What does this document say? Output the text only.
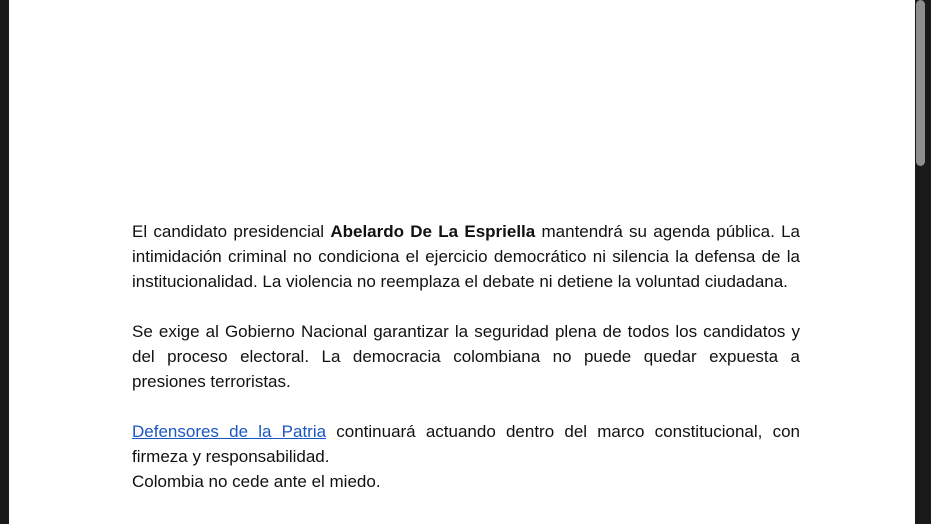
El candidato presidencial Abelardo De La Espriella mantendrá su agenda pública. La intimidación criminal no condiciona el ejercicio democrático ni silencia la defensa de la institucionalidad. La violencia no reemplaza el debate ni detiene la voluntad ciudadana.

Se exige al Gobierno Nacional garantizar la seguridad plena de todos los candidatos y del proceso electoral. La democracia colombiana no puede quedar expuesta a presiones terroristas.

Defensores de la Patria continuará actuando dentro del marco constitucional, con firmeza y responsabilidad.
Colombia no cede ante el miedo.
